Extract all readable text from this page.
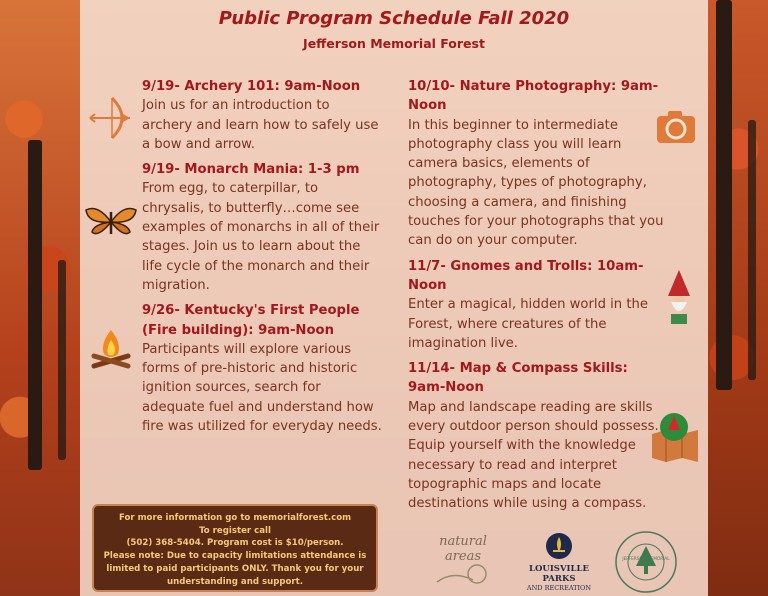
Public Program Schedule Fall 2020
Jefferson Memorial Forest
9/19- Archery 101: 9am-Noon
Join us for an introduction to archery and learn how to safely use a bow and arrow.
9/19- Monarch Mania: 1-3 pm
From egg, to caterpillar, to chrysalis, to butterfly…come see examples of monarchs in all of their stages. Join us to learn about the life cycle of the monarch and their migration.
9/26- Kentucky's First People (Fire building): 9am-Noon
Participants will explore various forms of pre-historic and historic ignition sources, search for adequate fuel and understand how fire was utilized for everyday needs.
10/10- Nature Photography: 9am-Noon
In this beginner to intermediate photography class you will learn camera basics, elements of photography, types of photography, choosing a camera, and finishing touches for your photographs that you can do on your computer.
11/7- Gnomes and Trolls: 10am-Noon
Enter a magical, hidden world in the Forest, where creatures of the imagination live.
11/14- Map & Compass Skills: 9am-Noon
Map and landscape reading are skills every outdoor person should possess. Equip yourself with the knowledge necessary to read and interpret topographic maps and locate destinations while using a compass.
For more information go to memorialforest.com
To register call
(502) 368-5404. Program cost is $10/person.
Please note: Due to capacity limitations attendance is limited to paid participants ONLY. Thank you for your understanding and support.
natural areas
LOUISVILLE
PARKS
AND RECREATION
JEFFERSON MEMORIAL FOREST
